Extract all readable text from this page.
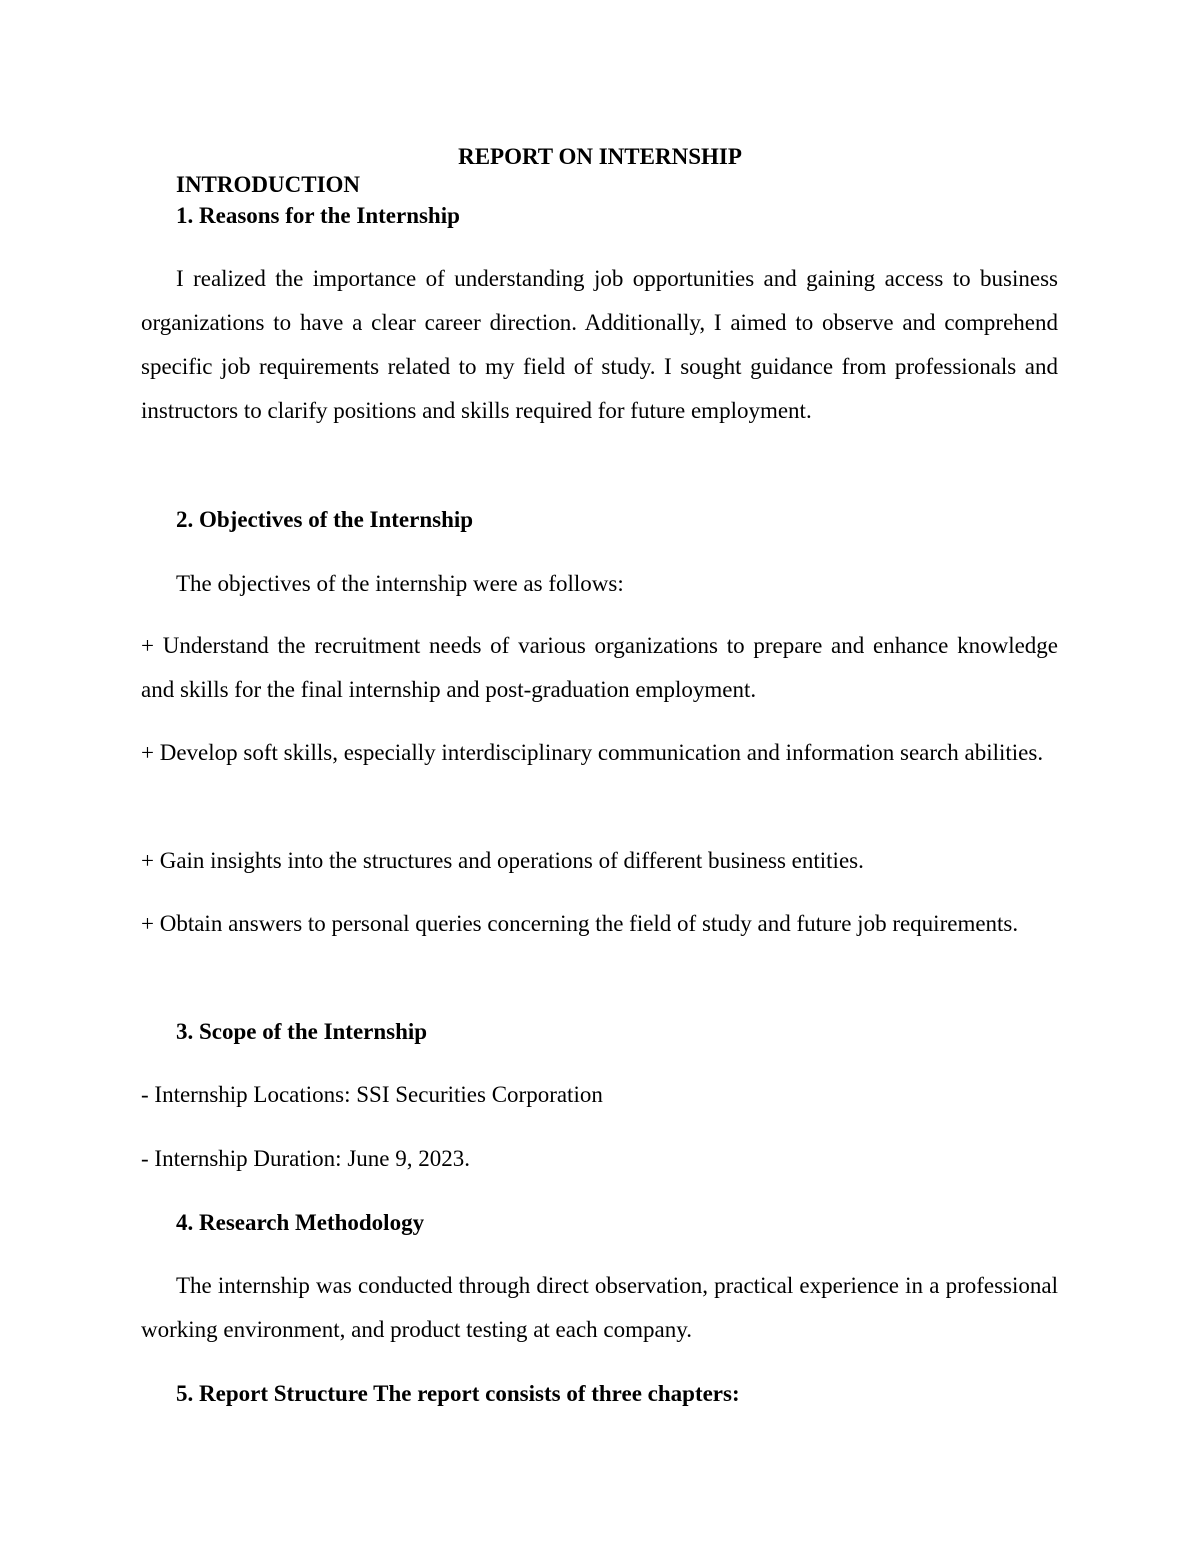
REPORT ON INTERNSHIP
INTRODUCTION
1. Reasons for the Internship

I realized the importance of understanding job opportunities and gaining access to business organizations to have a clear career direction. Additionally, I aimed to observe and comprehend specific job requirements related to my field of study. I sought guidance from professionals and instructors to clarify positions and skills required for future employment.

2. Objectives of the Internship

The objectives of the internship were as follows:

+ Understand the recruitment needs of various organizations to prepare and enhance knowledge and skills for the final internship and post-graduation employment.

+ Develop soft skills, especially interdisciplinary communication and information search abilities.

+ Gain insights into the structures and operations of different business entities.

+ Obtain answers to personal queries concerning the field of study and future job requirements.

3. Scope of the Internship

- Internship Locations: SSI Securities Corporation

- Internship Duration: June 9, 2023.

4. Research Methodology

The internship was conducted through direct observation, practical experience in a professional working environment, and product testing at each company.

5. Report Structure The report consists of three chapters:
